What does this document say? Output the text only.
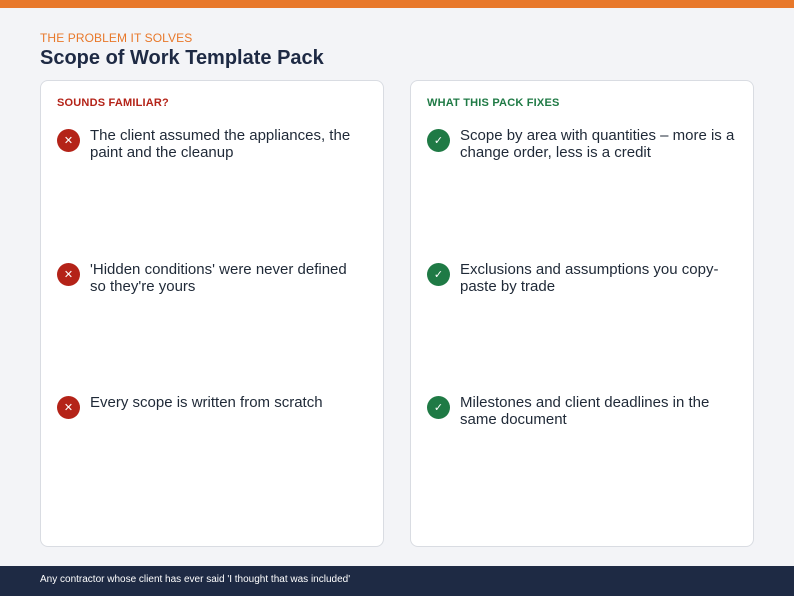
THE PROBLEM IT SOLVES
Scope of Work Template Pack
SOUNDS FAMILIAR?
✕	The client assumed the appliances, the paint and the cleanup
✕	'Hidden conditions' were never defined so they're yours
✕	Every scope is written from scratch
WHAT THIS PACK FIXES
✓	Scope by area with quantities – more is a change order, less is a credit
✓	Exclusions and assumptions you copy-paste by trade
✓	Milestones and client deadlines in the same document
Any contractor whose client has ever said 'I thought that was included'
